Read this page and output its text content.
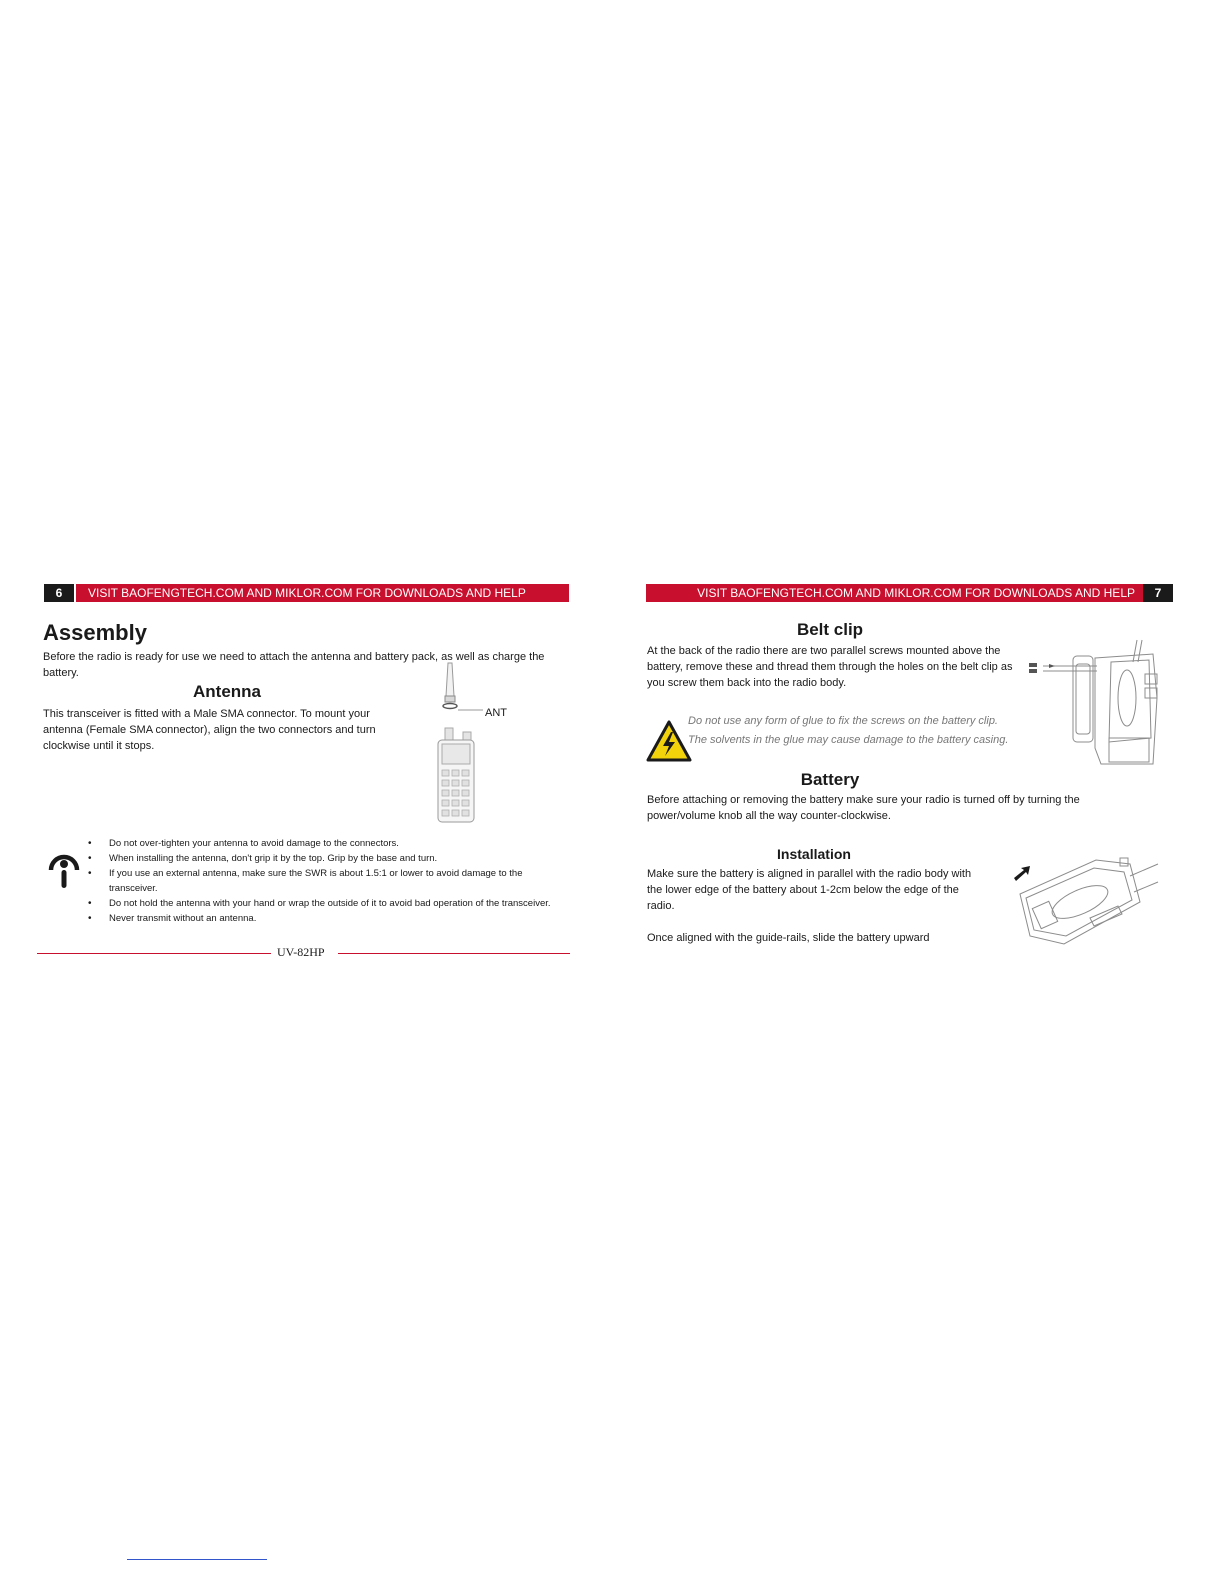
6	VISIT BAOFENGTECH.COM AND MIKLOR.COM FOR DOWNLOADS AND HELP
Assembly

Before the radio is ready for use we need to attach the antenna and battery pack, as well as charge the battery.

Antenna

This transceiver is fitted with a Male SMA connector. To mount your antenna (Female SMA connector), align the two connectors and turn clockwise until it stops.

ANT
• Do not over-tighten your antenna to avoid damage to the connectors.
• When installing the antenna, don't grip it by the top. Grip by the base and turn.
• If you use an external antenna, make sure the SWR is about 1.5:1 or lower to avoid damage to the transceiver.
• Do not hold the antenna with your hand or wrap the outside of it to avoid bad operation of the transceiver.
• Never transmit without an antenna.
UV-82HP
VISIT BAOFENGTECH.COM AND MIKLOR.COM FOR DOWNLOADS AND HELP	7
Belt clip

At the back of the radio there are two parallel screws mounted above the battery, remove these and thread them through the holes on the belt clip as you screw them back into the radio body.

Do not use any form of glue to fix the screws on the battery clip. The solvents in the glue may cause damage to the battery casing.

Battery

Before attaching or removing the battery make sure your radio is turned off by turning the power/volume knob all the way counter-clockwise.

Installation

Make sure the battery is aligned in parallel with the radio body with the lower edge of the battery about 1-2cm below the edge of the radio.

Once aligned with the guide-rails, slide the battery upward
